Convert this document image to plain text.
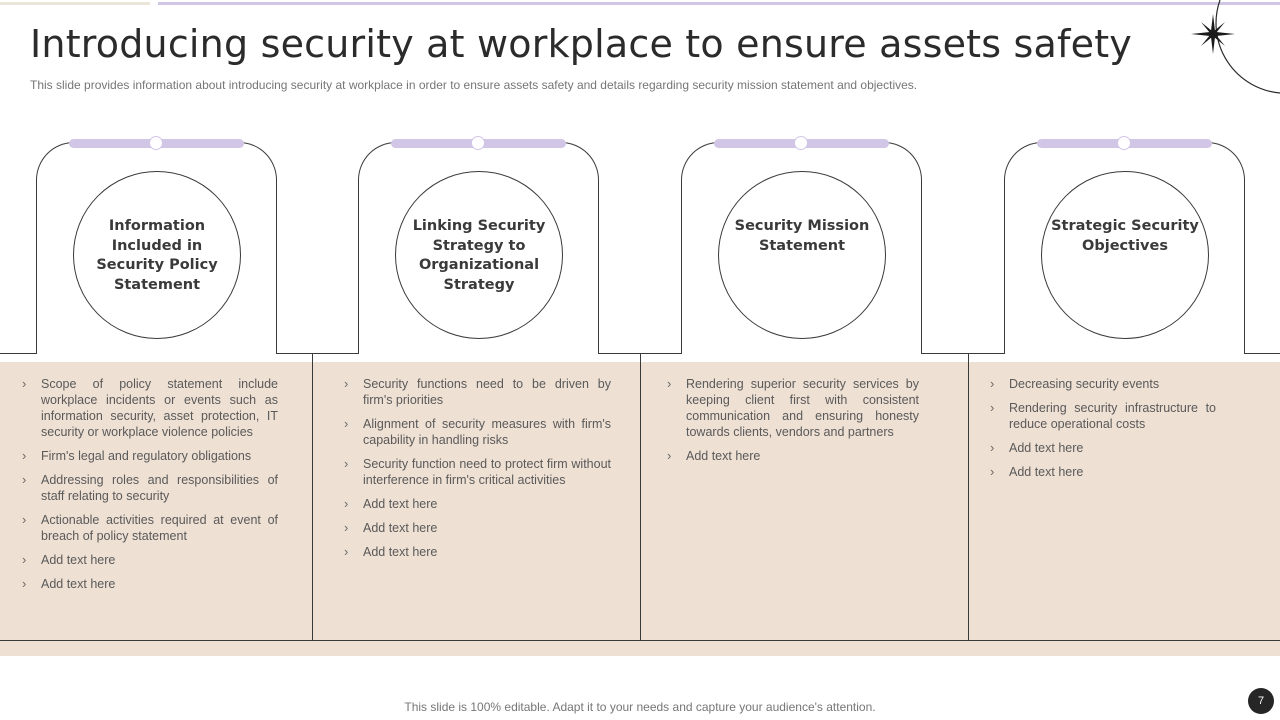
Introducing security at workplace to ensure assets safety

This slide provides information about introducing security at workplace in order to ensure assets safety and details regarding security mission statement and objectives.

Information Included in Security Policy Statement
Linking Security Strategy to Organizational Strategy
Security Mission Statement
Strategic Security Objectives
› Scope of policy statement include workplace incidents or events such as information security, asset protection, IT security or workplace violence policies
› Firm's legal and regulatory obligations
› Addressing roles and responsibilities of staff relating to security
› Actionable activities required at event of breach of policy statement
› Add text here
› Add text here
› Security functions need to be driven by firm's priorities
› Alignment of security measures with firm's capability in handling risks
› Security function need to protect firm without interference in firm's critical activities
› Add text here
› Add text here
› Add text here
› Rendering superior security services by keeping client first with consistent communication and ensuring honesty towards clients, vendors and partners
› Add text here
› Decreasing security events
› Rendering security infrastructure to reduce operational costs
› Add text here
› Add text here
This slide is 100% editable. Adapt it to your needs and capture your audience's attention.	7
